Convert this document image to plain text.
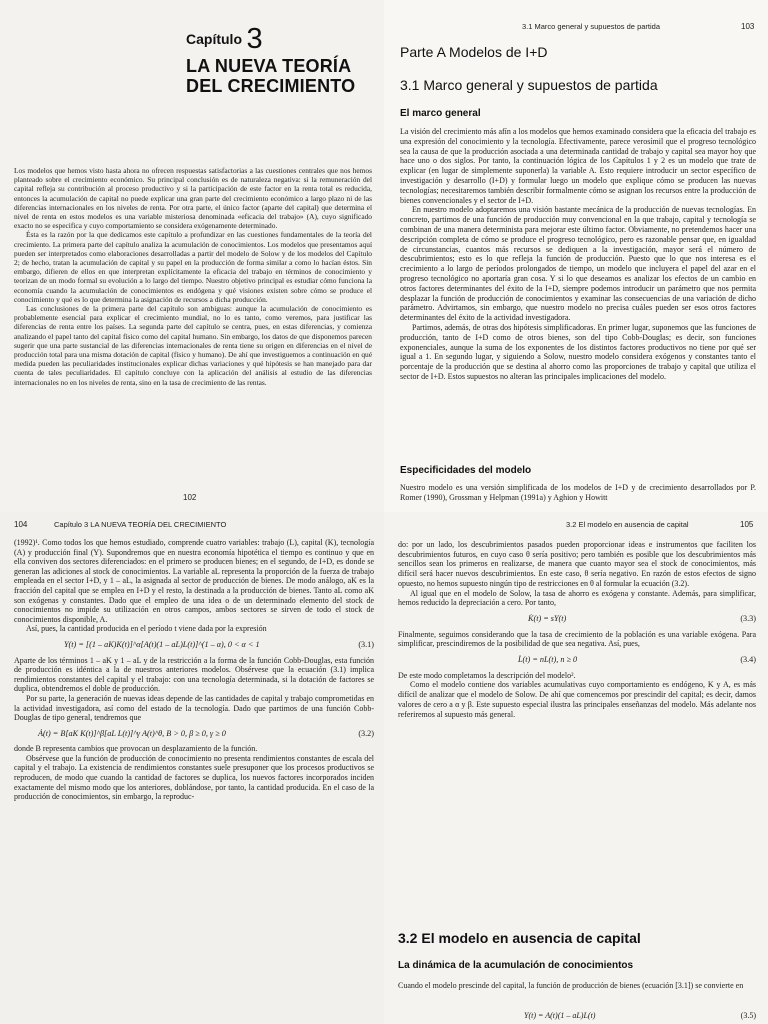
Capítulo 3
LA NUEVA TEORÍA
DEL CRECIMIENTO

Los modelos que hemos visto hasta ahora no ofrecen respuestas satisfactorias a las cuestiones centrales que nos hemos planteado sobre el crecimiento económico. Su principal conclusión es de naturaleza negativa: si la remuneración del capital refleja su contribución al proceso productivo y si la participación de este factor en la renta total es reducida, entonces la acumulación de capital no puede explicar una gran parte del crecimiento económico a largo plazo ni de las diferencias internacionales en los niveles de renta. Por otra parte, el único factor (aparte del capital) que determina el nivel de renta en estos modelos es una variable misteriosa denominada «eficacia del trabajo» (A), cuyo significado exacto no se especifica y cuyo comportamiento se considera exógenamente determinado.

Ésta es la razón por la que dedicamos este capítulo a profundizar en las cuestiones fundamentales de la teoría del crecimiento. La primera parte del capítulo analiza la acumulación de conocimientos. Los modelos que presentamos aquí pueden ser interpretados como elaboraciones desarrolladas a partir del modelo de Solow y de los modelos del Capítulo 2; de hecho, tratan la acumulación de capital y su papel en la producción de forma similar a como lo hacían éstos. Sin embargo, difieren de ellos en que interpretan explícitamente la eficacia del trabajo en términos de conocimiento y teorizan de un modo formal su evolución a lo largo del tiempo. Nuestro objetivo principal es estudiar cómo funciona la economía cuando la acumulación de conocimientos es endógena y qué visiones existen sobre cómo se produce el conocimiento y qué es lo que determina la asignación de recursos a dicha producción.

Las conclusiones de la primera parte del capítulo son ambiguas: aunque la acumulación de conocimiento es probablemente esencial para explicar el crecimiento mundial, no lo es tanto, como veremos, para justificar las diferencias de renta entre los países. La segunda parte del capítulo se centra, pues, en estas diferencias, y comienza analizando el papel tanto del capital físico como del capital humano. Sin embargo, los datos de que disponemos parecen sugerir que una parte sustancial de las diferencias internacionales de renta tiene su origen en diferencias en el nivel de producción total para una misma dotación de capital (físico y humano). De ahí que investiguemos a continuación en qué medida pueden las peculiaridades institucionales explicar dichas variaciones y qué hipótesis se han manejado para dar cuenta de tales peculiaridades. El capítulo concluye con la aplicación del análisis al estudio de las diferencias internacionales no en los niveles de renta, sino en la tasa de crecimiento de las rentas.

102
3.1 Marco general y supuestos de partida	103
Parte A Modelos de I+D
3.1 Marco general y supuestos de partida
El marco general

La visión del crecimiento más afín a los modelos que hemos examinado considera que la eficacia del trabajo es una expresión del conocimiento y la tecnología. Efectivamente, parece verosímil que el progreso tecnológico sea la causa de que la producción asociada a una determinada cantidad de trabajo y capital sea mayor hoy que hace uno o dos siglos. Por tanto, la continuación lógica de los Capítulos 1 y 2 es un modelo que trate de explicar (en lugar de simplemente suponerla) la variable A. Esto requiere introducir un sector específico de investigación y desarrollo (I+D) y formular luego un modelo que explique cómo se producen las nuevas tecnologías; necesitaremos también describir formalmente cómo se asignan los recursos entre la producción de bienes convencionales y el sector de I+D.

En nuestro modelo adoptaremos una visión bastante mecánica de la producción de nuevas tecnologías. En concreto, partimos de una función de producción muy convencional en la que trabajo, capital y tecnología se combinan de una manera determinista para mejorar este último factor. Obviamente, no pretendemos hacer una descripción completa de cómo se produce el progreso tecnológico, pero es razonable pensar que, en igualdad de circunstancias, cuantos más recursos se dediquen a la investigación, mayor será el número de descubrimientos; esto es lo que refleja la función de producción. Puesto que lo que nos interesa es el crecimiento a lo largo de períodos prolongados de tiempo, un modelo que incluyera el papel del azar en el progreso tecnológico no aportaría gran cosa. Y si lo que deseamos es analizar los efectos de un cambio en otros factores determinantes del éxito de la I+D, siempre podemos introducir un parámetro que nos permita desplazar la función de producción de conocimientos y examinar las consecuencias de una variación de dicho parámetro. Advirtamos, sin embargo, que nuestro modelo no precisa cuáles pueden ser esos otros factores determinantes del éxito de la actividad investigadora.

Partimos, además, de otras dos hipótesis simplificadoras. En primer lugar, suponemos que las funciones de producción, tanto de I+D como de otros bienes, son del tipo Cobb-Douglas; es decir, son funciones exponenciales, aunque la suma de los exponentes de los distintos factores productivos no tiene por qué ser igual a 1. En segundo lugar, y siguiendo a Solow, nuestro modelo considera exógenos y constantes tanto el porcentaje de la producción que se destina al ahorro como las proporciones de trabajo y capital que utiliza el sector de I+D. Estos supuestos no alteran las principales implicaciones del modelo.

Especificidades del modelo
Nuestro modelo es una versión simplificada de los modelos de I+D y de crecimiento desarrollados por P. Romer (1990), Grossman y Helpman (1991a) y Aghion y Howitt
104	Capítulo 3 LA NUEVA TEORÍA DEL CRECIMIENTO

(1992)¹. Como todos los que hemos estudiado, comprende cuatro variables: trabajo (L), capital (K), tecnología (A) y producción final (Y). Supondremos que en nuestra economía hipotética el tiempo es continuo y que en ella conviven dos sectores diferenciados: en el primero se producen bienes; en el segundo, de I+D, es donde se generan las adiciones al stock de conocimientos. La variable aL representa la proporción de la fuerza de trabajo empleada en el sector I+D, y 1 – aL, la asignada al sector de producción de bienes. De modo análogo, aK es la fracción del capital que se emplea en I+D y el resto, la destinada a la producción de bienes. Tanto aL como aK son exógenas y constantes. Dado que el empleo de una idea o de un determinado elemento del stock de conocimientos no impide su utilización en otros campos, ambos sectores se sirven de todo el stock de conocimientos disponible, A.

Así, pues, la cantidad producida en el período t viene dada por la expresión

Y(t) = [(1 – aK)K(t)]^α[A(t)(1 – aL)L(t)]^(1 – α), 0 < α < 1	(3.1)

Aparte de los términos 1 – aK y 1 – aL y de la restricción a la forma de la función Cobb-Douglas, esta función de producción es idéntica a la de nuestros anteriores modelos. Obsérvese que la ecuación (3.1) implica rendimientos constantes del capital y el trabajo: con una tecnología determinada, si la dotación de factores se duplica, obtendremos el doble de producción.

Por su parte, la generación de nuevas ideas depende de las cantidades de capital y trabajo comprometidas en la actividad investigadora, así como del estado de la tecnología. Dado que partimos de una función Cobb-Douglas de tipo general, tendremos que

Ȧ(t) = B[aK K(t)]^β[aL L(t)]^γ A(t)^θ, B > 0, β ≥ 0, γ ≥ 0	(3.2)

donde B representa cambios que provocan un desplazamiento de la función.

Obsérvese que la función de producción de conocimiento no presenta rendimientos constantes de escala del capital y el trabajo. La existencia de rendimientos constantes suele presuponer que los procesos productivos se reproducen, de modo que cuando la cantidad de factores se duplica, los nuevos factores incorporados inciden exactamente del mismo modo que los anteriores, doblándose, por tanto, la cantidad producida. En el caso de la producción de conocimientos, sin embargo, la reproduc-

3.2 El modelo en ausencia de capital	105

do: por un lado, los descubrimientos pasados pueden proporcionar ideas e instrumentos que faciliten los descubrimientos futuros, en cuyo caso θ sería positivo; pero también es posible que los descubrimientos más sencillos sean los primeros en realizarse, de manera que cuanto mayor sea el stock de conocimientos, más difícil será hacer nuevos descubrimientos. En este caso, θ sería negativo. En razón de estos efectos de signo opuesto, no hemos supuesto ningún tipo de restricciones en θ al formular la ecuación (3.2).

Al igual que en el modelo de Solow, la tasa de ahorro es exógena y constante. Además, para simplificar, hemos reducido la depreciación a cero. Por tanto,

K̇(t) = sY(t)	(3.3)

Finalmente, seguimos considerando que la tasa de crecimiento de la población es una variable exógena. Para simplificar, prescindiremos de la posibilidad de que sea negativa. Así, pues,

L̇(t) = nL(t), n ≥ 0	(3.4)

De este modo completamos la descripción del modelo².

Como el modelo contiene dos variables acumulativas cuyo comportamiento es endógeno, K y A, es más difícil de analizar que el modelo de Solow. De ahí que comencemos por prescindir del capital; es decir, damos valores de cero a α y β. Este supuesto especial ilustra las principales enseñanzas del modelo. Más adelante nos referiremos al supuesto más general.

3.2 El modelo en ausencia de capital
La dinámica de la acumulación de conocimientos
Cuando el modelo prescinde del capital, la función de producción de bienes (ecuación [3.1]) se convierte en
Y(t) = A(t)(1 – aL)L(t)	(3.5)
